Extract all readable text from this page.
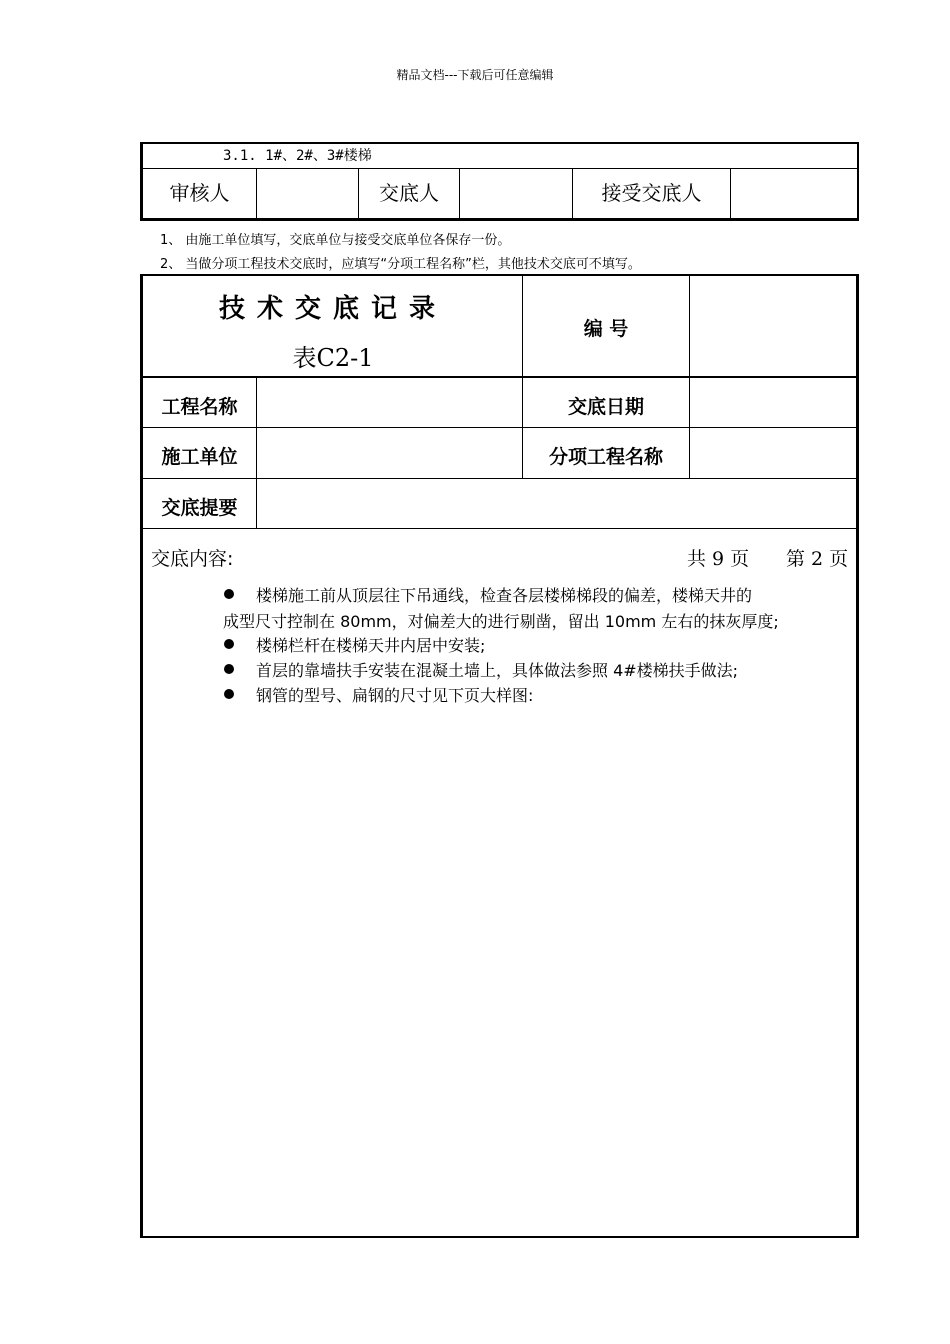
精品文档---下载后可任意编辑
3.1. 1#、2#、3#楼梯
审核人	交底人	接受交底人
1、 由施工单位填写，交底单位与接受交底单位各保存一份。
2、 当做分项工程技术交底时，应填写“分项工程名称”栏，其他技术交底可不填写。
技术交底记录
表C2-1
编 号
工程名称	交底日期
施工单位	分项工程名称
交底提要
交底内容:	共 9 页 第 2 页
楼梯施工前从顶层往下吊通线，检查各层楼梯梯段的偏差，楼梯天井的
成型尺寸控制在 80mm，对偏差大的进行剔凿，留出 10mm 左右的抹灰厚度;
楼梯栏杆在楼梯天井内居中安装;
首层的靠墙扶手安装在混凝土墙上，具体做法参照 4#楼梯扶手做法;
钢管的型号、扁钢的尺寸见下页大样图:
